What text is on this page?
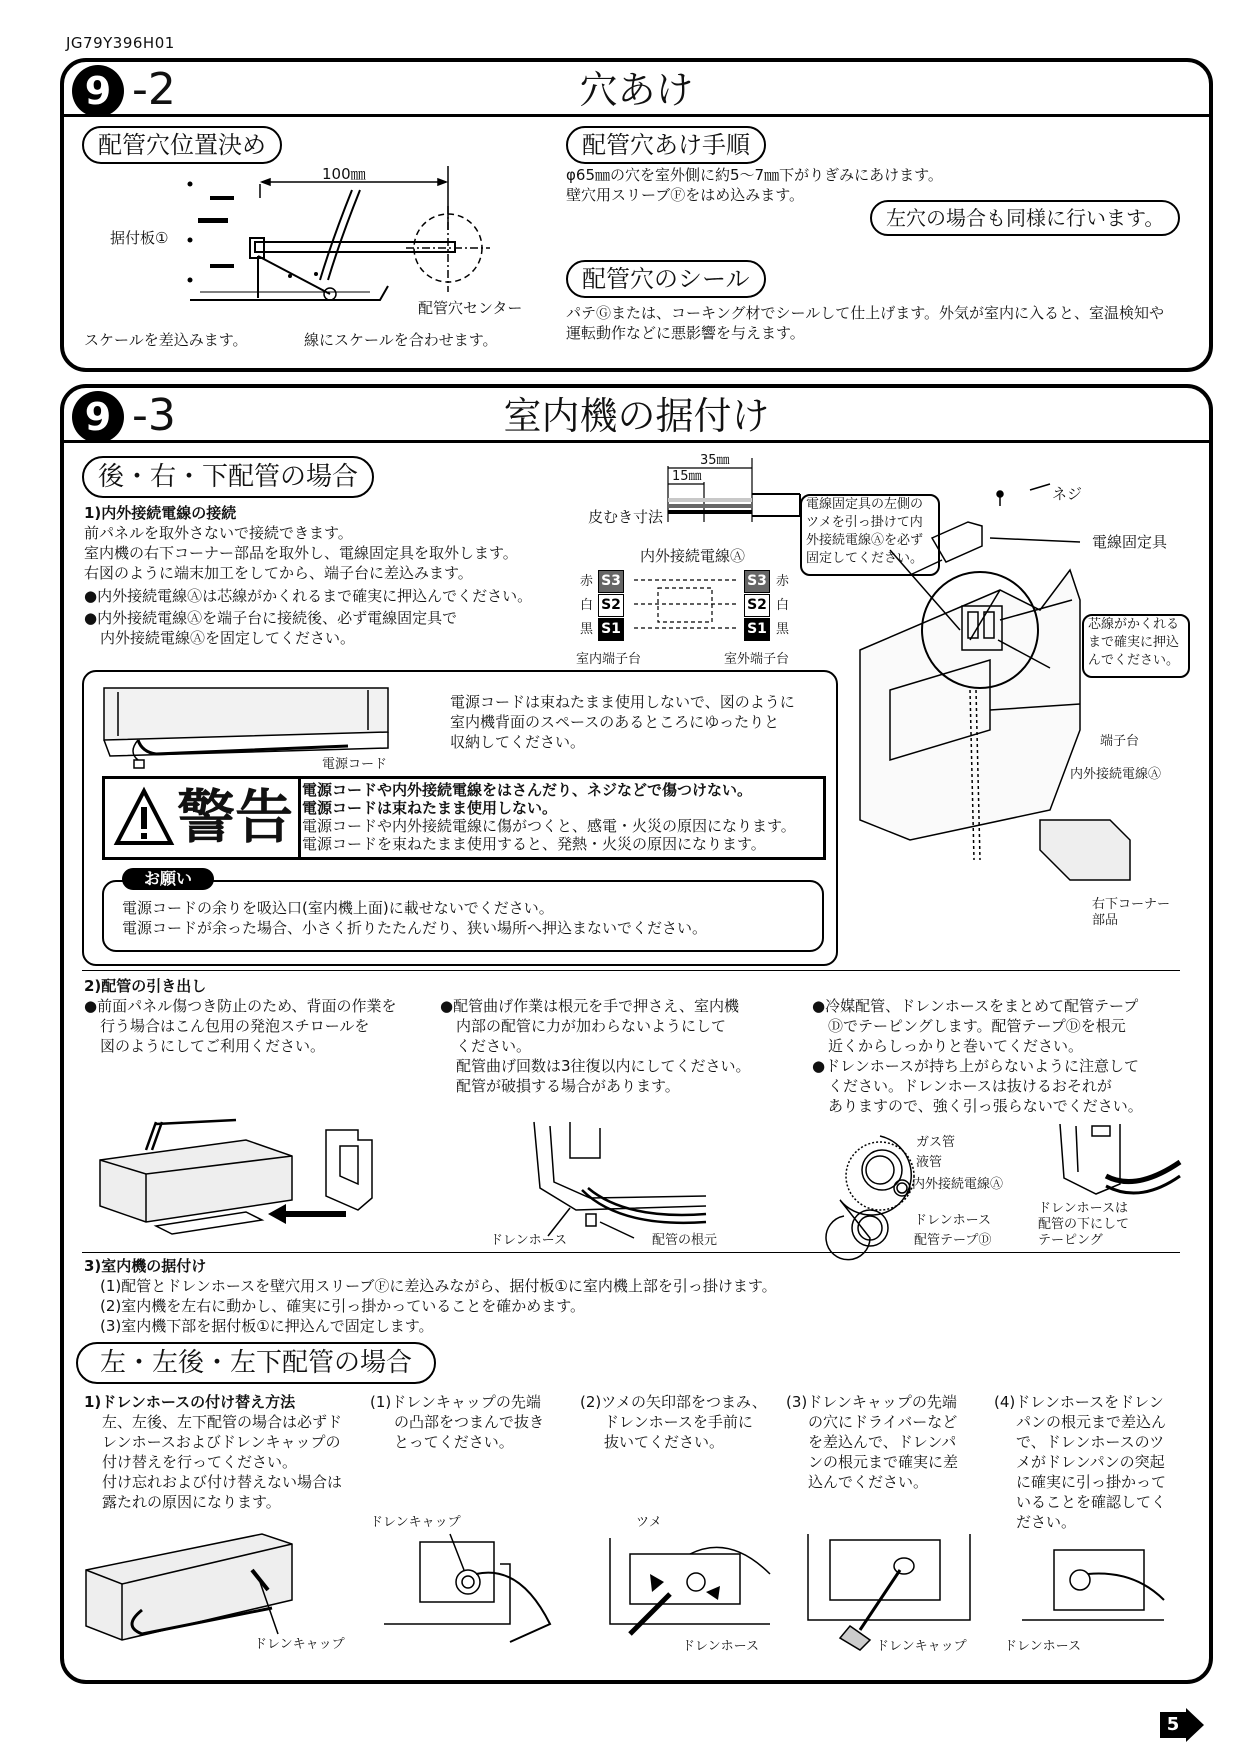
JG79Y396H01
9 -2	穴あけ
配管穴位置決め	配管穴あけ手順
配管穴のシール
100㎜
据付板①
配管穴センター
スケールを差込みます。	線にスケールを合わせます。
φ65㎜の穴を室外側に約5～7㎜下がりぎみにあけます。
壁穴用スリーブⒻをはめ込みます。
左穴の場合も同様に行います。
パテⒼまたは、コーキング材でシールして仕上げます。外気が室内に入ると、室温検知や
運転動作などに悪影響を与えます。
9 -3	室内機の据付け
後・右・下配管の場合
1)内外接続電線の接続
前パネルを取外さないで接続できます。
室内機の右下コーナー部品を取外し、電線固定具を取外します。
右図のように端末加工をしてから、端子台に差込みます。
●内外接続電線Ⓐは芯線がかくれるまで確実に押込んでください。
●内外接続電線Ⓐを端子台に接続後、必ず電線固定具で
内外接続電線Ⓐを固定してください。
35㎜
15㎜
皮むき寸法
内外接続電線Ⓐ
S3
S2
S1
S3
S2
S1
赤
白
黒
赤
白
黒
室内端子台	室外端子台
ネジ
電線固定具
電線固定具の左側の
ツメを引っ掛けて内
外接続電線Ⓐを必ず
固定してください。
芯線がかくれる
まで確実に押込
んでください。
端子台
内外接続電線Ⓐ
右下コーナー
部品
電源コード
電源コードは束ねたまま使用しないで、図のように
室内機背面のスペースのあるところにゆったりと
収納してください。
警告 電源コードや内外接続電線をはさんだり、ネジなどで傷つけない。
電源コードは束ねたまま使用しない。
電源コードや内外接続電線に傷がつくと、感電・火災の原因になります。
電源コードを束ねたまま使用すると、発熱・火災の原因になります。
お願い
電源コードの余りを吸込口(室内機上面)に載せないでください。
電源コードが余った場合、小さく折りたたんだり、狭い場所へ押込まないでください。
2)配管の引き出し
●前面パネル傷つき防止のため、背面の作業を
行う場合はこん包用の発泡スチロールを
図のようにしてご利用ください。
●配管曲げ作業は根元を手で押さえ、室内機
内部の配管に力が加わらないようにして
ください。
配管曲げ回数は3往復以内にしてください。
配管が破損する場合があります。
●冷媒配管、ドレンホースをまとめて配管テープ
Ⓓでテーピングします。配管テープⒹを根元
近くからしっかりと巻いてください。
●ドレンホースが持ち上がらないように注意して
ください。ドレンホースは抜けるおそれが
ありますので、強く引っ張らないでください。
ドレンホース	配管の根元
ガス管
液管
内外接続電線Ⓐ
ドレンホース
配管テープⒹ
ドレンホースは
配管の下にして
テーピング
3)室内機の据付け
(1)配管とドレンホースを壁穴用スリーブⒻに差込みながら、据付板①に室内機上部を引っ掛けます。
(2)室内機を左右に動かし、確実に引っ掛かっていることを確かめます。
(3)室内機下部を据付板①に押込んで固定します。
左・左後・左下配管の場合
1)ドレンホースの付け替え方法
左、左後、左下配管の場合は必ずド
レンホースおよびドレンキャップの
付け替えを行ってください。
付け忘れおよび付け替えない場合は
露たれの原因になります。
(1)ドレンキャップの先端
の凸部をつまんで抜き
とってください。
(2)ツメの矢印部をつまみ、
ドレンホースを手前に
抜いてください。
(3)ドレンキャップの先端
の穴にドライバーなど
を差込んで、ドレンパ
ンの根元まで確実に差
込んでください。
(4)ドレンホースをドレン
パンの根元まで差込ん
で、ドレンホースのツ
メがドレンパンの突起
に確実に引っ掛かって
いることを確認してく
ださい。
ドレンキャップ
ドレンキャップ	ツメ
ドレンホース	ドレンキャップ	ドレンホース
5
